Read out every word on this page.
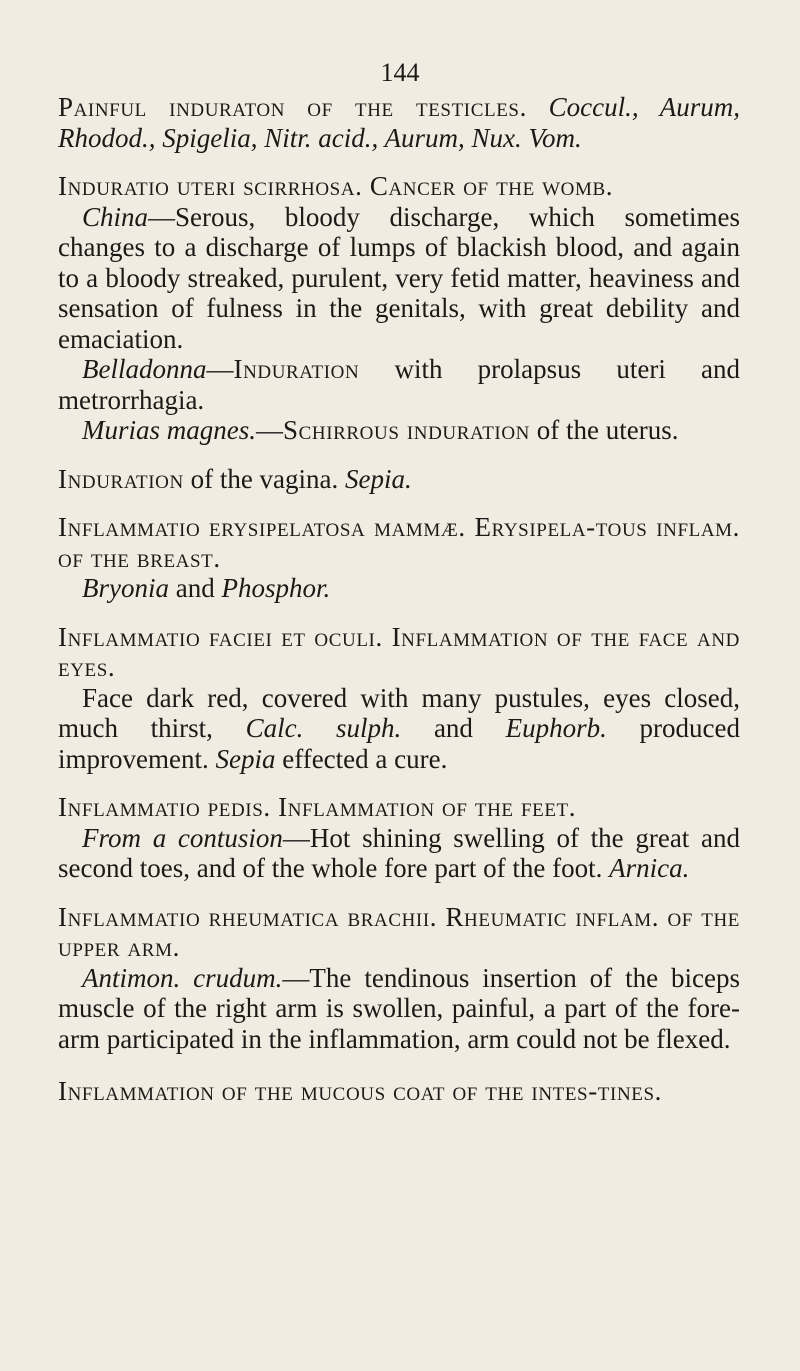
144

Painful induraton of the testicles. Coccul., Aurum, Rhodod., Spigelia, Nitr. acid., Aurum, Nux. Vom.

Induratio uteri scirrhosa. Cancer of the womb.

China—Serous, bloody discharge, which sometimes changes to a discharge of lumps of blackish blood, and again to a bloody streaked, purulent, very fetid matter, heaviness and sensation of fulness in the genitals, with great debility and emaciation.

Belladonna—Induration with prolapsus uteri and metrorrhagia.

Murias magnes.—Schirrous induration of the uterus.

Induration of the vagina. Sepia.

Inflammatio erysipelatosa mammæ. Erysipela-tous inflam. of the breast.

Bryonia and Phosphor.

Inflammatio faciei et oculi. Inflammation of the face and eyes.

Face dark red, covered with many pustules, eyes closed, much thirst, Calc. sulph. and Euphorb. produced improvement. Sepia effected a cure.

Inflammatio pedis. Inflammation of the feet.

From a contusion—Hot shining swelling of the great and second toes, and of the whole fore part of the foot. Arnica.

Inflammatio rheumatica brachii. Rheumatic inflam. of the upper arm.

Antimon. crudum.—The tendinous insertion of the biceps muscle of the right arm is swollen, painful, a part of the fore-arm participated in the inflammation, arm could not be flexed.

Inflammation of the mucous coat of the intes-tines.
